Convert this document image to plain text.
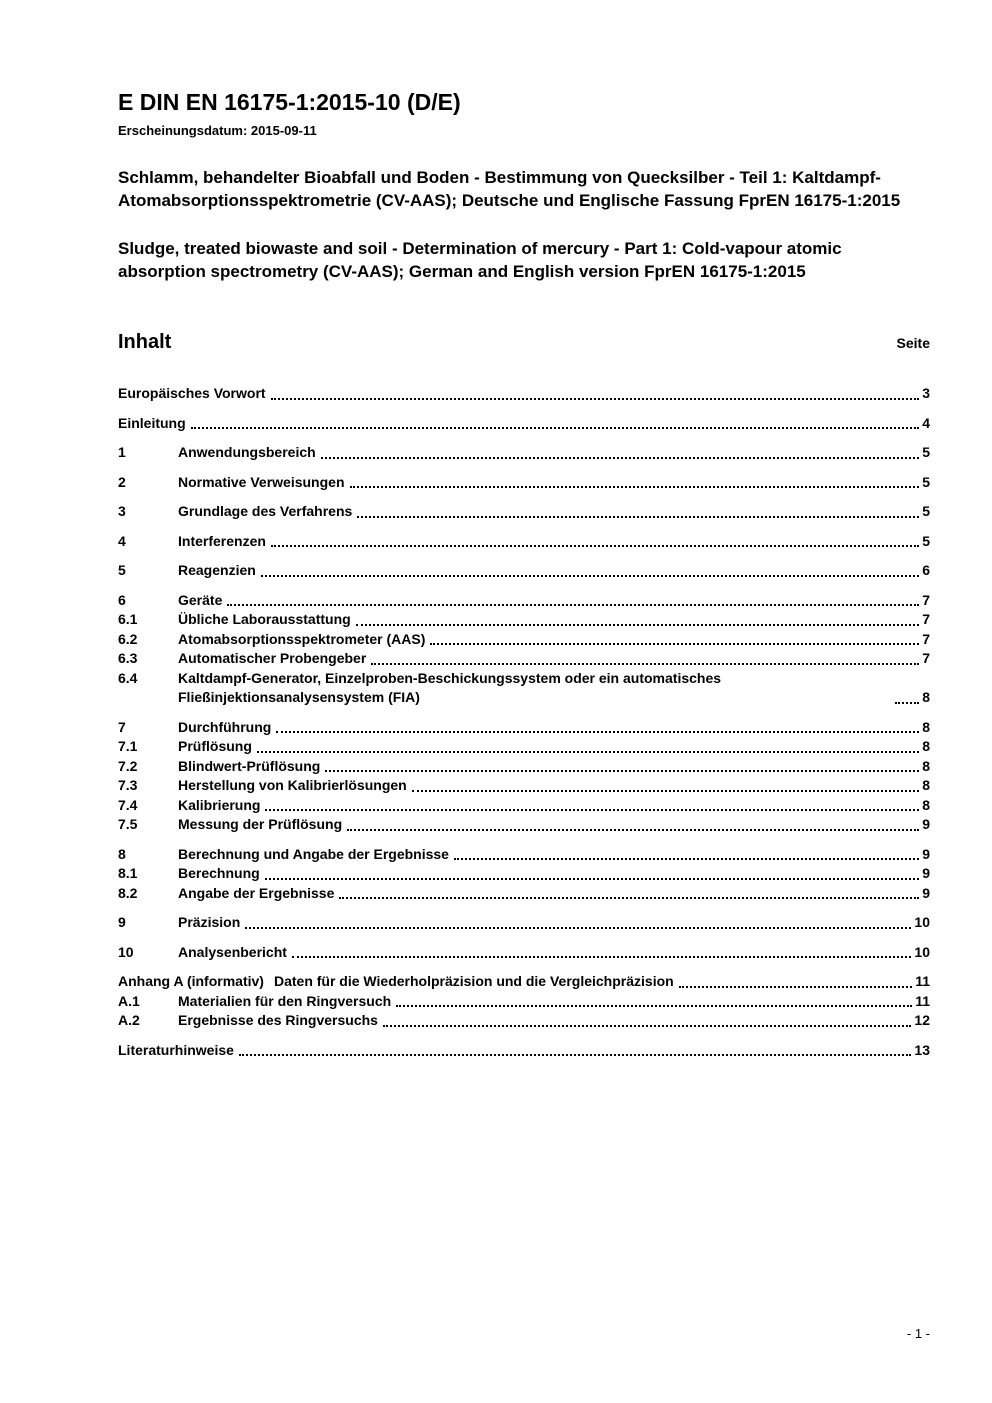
E DIN EN 16175-1:2015-10 (D/E)
Erscheinungsdatum: 2015-09-11
Schlamm, behandelter Bioabfall und Boden - Bestimmung von Quecksilber - Teil 1: Kaltdampf-Atomabsorptionsspektrometrie (CV-AAS); Deutsche und Englische Fassung FprEN 16175-1:2015
Sludge, treated biowaste and soil - Determination of mercury - Part 1: Cold-vapour atomic absorption spectrometry (CV-AAS); German and English version FprEN 16175-1:2015
Inhalt	Seite
Europäisches Vorwort	3
Einleitung	4
1	Anwendungsbereich	5
2	Normative Verweisungen	5
3	Grundlage des Verfahrens	5
4	Interferenzen	5
5	Reagenzien	6
6	Geräte	7
6.1	Übliche Laborausstattung	7
6.2	Atomabsorptionsspektrometer (AAS)	7
6.3	Automatischer Probengeber	7
6.4	Kaltdampf-Generator, Einzelproben-Beschickungssystem oder ein automatisches Fließinjektionsanalysensystem (FIA)	8
7	Durchführung	8
7.1	Prüflösung	8
7.2	Blindwert-Prüflösung	8
7.3	Herstellung von Kalibrierlösungen	8
7.4	Kalibrierung	8
7.5	Messung der Prüflösung	9
8	Berechnung und Angabe der Ergebnisse	9
8.1	Berechnung	9
8.2	Angabe der Ergebnisse	9
9	Präzision	10
10	Analysenbericht	10
Anhang A (informativ) Daten für die Wiederholpräzision und die Vergleichpräzision	11
A.1	Materialien für den Ringversuch	11
A.2	Ergebnisse des Ringversuchs	12
Literaturhinweise	13
- 1 -
